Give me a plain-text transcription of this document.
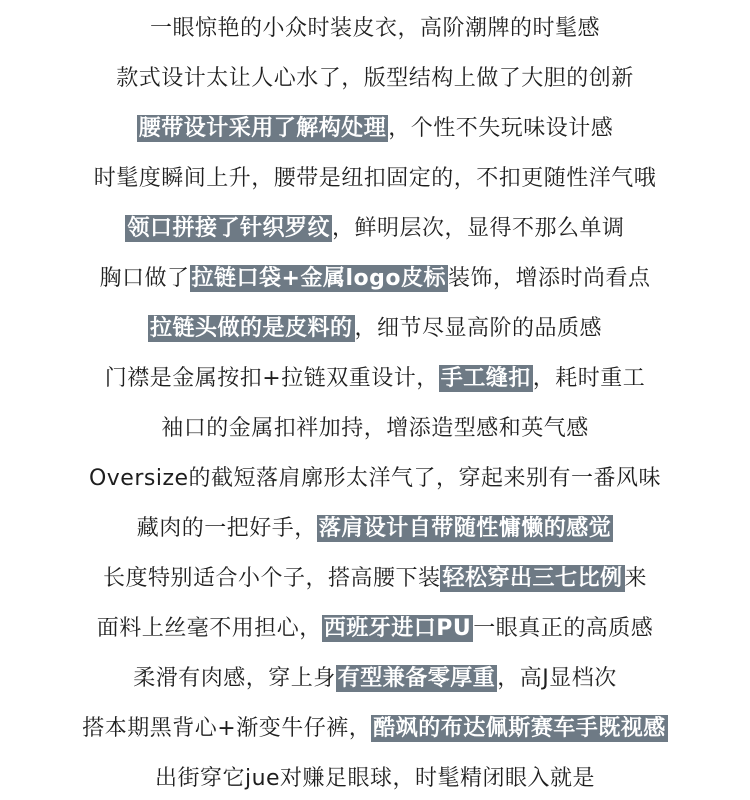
一眼惊艳的小众时装皮衣，高阶潮牌的时髦感
款式设计太让人心水了，版型结构上做了大胆的创新
腰带设计采用了解构处理，个性不失玩味设计感
时髦度瞬间上升，腰带是纽扣固定的，不扣更随性洋气哦
领口拼接了针织罗纹，鲜明层次，显得不那么单调
胸口做了拉链口袋+金属logo皮标装饰，增添时尚看点
拉链头做的是皮料的，细节尽显高阶的品质感
门襟是金属按扣+拉链双重设计，手工缝扣，耗时重工
袖口的金属扣袢加持，增添造型感和英气感
Oversize的截短落肩廓形太洋气了，穿起来别有一番风味
藏肉的一把好手，落肩设计自带随性慵懒的感觉
长度特别适合小个子，搭高腰下装轻松穿出三七比例来
面料上丝毫不用担心，西班牙进口PU一眼真正的高质感
柔滑有肉感，穿上身有型兼备零厚重，高J显档次
搭本期黑背心+渐变牛仔裤，酷飒的布达佩斯赛车手既视感
出街穿它jue对赚足眼球，时髦精闭眼入就是
